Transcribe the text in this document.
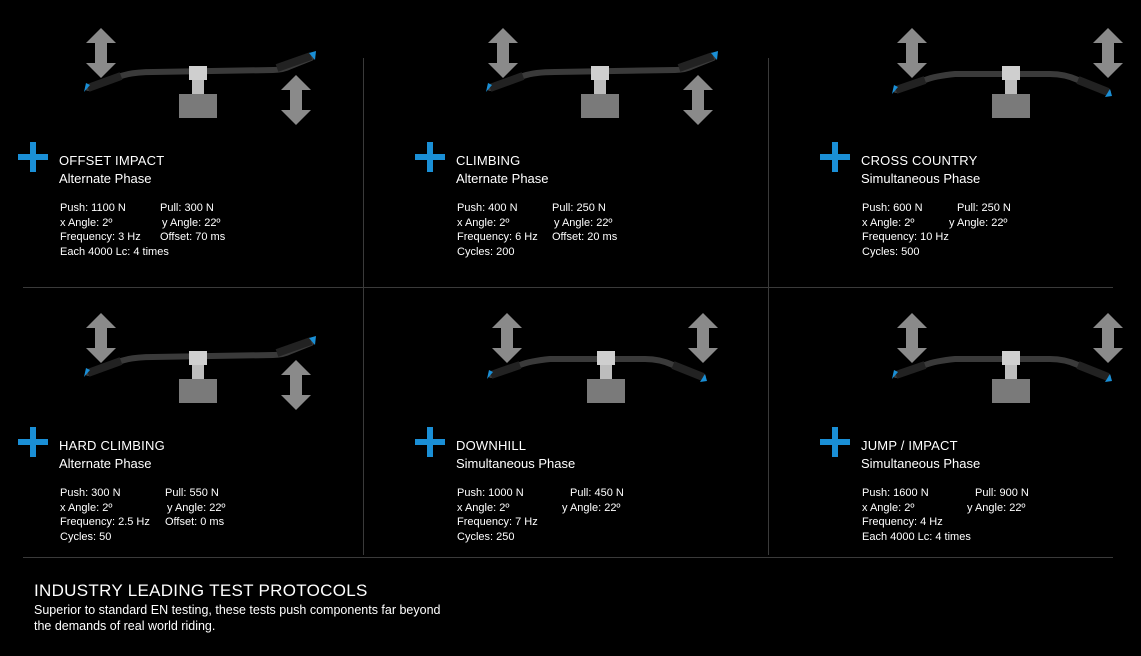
OFFSET IMPACT
Alternate Phase
Push: 1100 N
x Angle: 2º
Frequency: 3 Hz
Each 4000 Lc: 4 times
Pull: 300 N
y Angle: 22º
Offset: 70 ms
CLIMBING
Alternate Phase
Push: 400 N
x Angle: 2º
Frequency: 6 Hz
Cycles: 200
Pull: 250 N
y Angle: 22º
Offset: 20 ms
CROSS COUNTRY
Simultaneous Phase
Push: 600 N
x Angle: 2º
Frequency: 10 Hz
Cycles: 500
Pull: 250 N
y Angle: 22º
HARD CLIMBING
Alternate Phase
Push: 300 N
x Angle: 2º
Frequency: 2.5 Hz
Cycles: 50
Pull: 550 N
y Angle: 22º
Offset: 0 ms
DOWNHILL
Simultaneous Phase
Push: 1000 N
x Angle: 2º
Frequency: 7 Hz
Cycles: 250
Pull: 450 N
y Angle: 22º
JUMP / IMPACT
Simultaneous Phase
Push: 1600 N
x Angle: 2º
Frequency: 4 Hz
Each 4000 Lc: 4 times
Pull: 900 N
y Angle: 22º
INDUSTRY LEADING TEST PROTOCOLS
Superior to standard EN testing, these tests push components far beyond the demands of real world riding.
